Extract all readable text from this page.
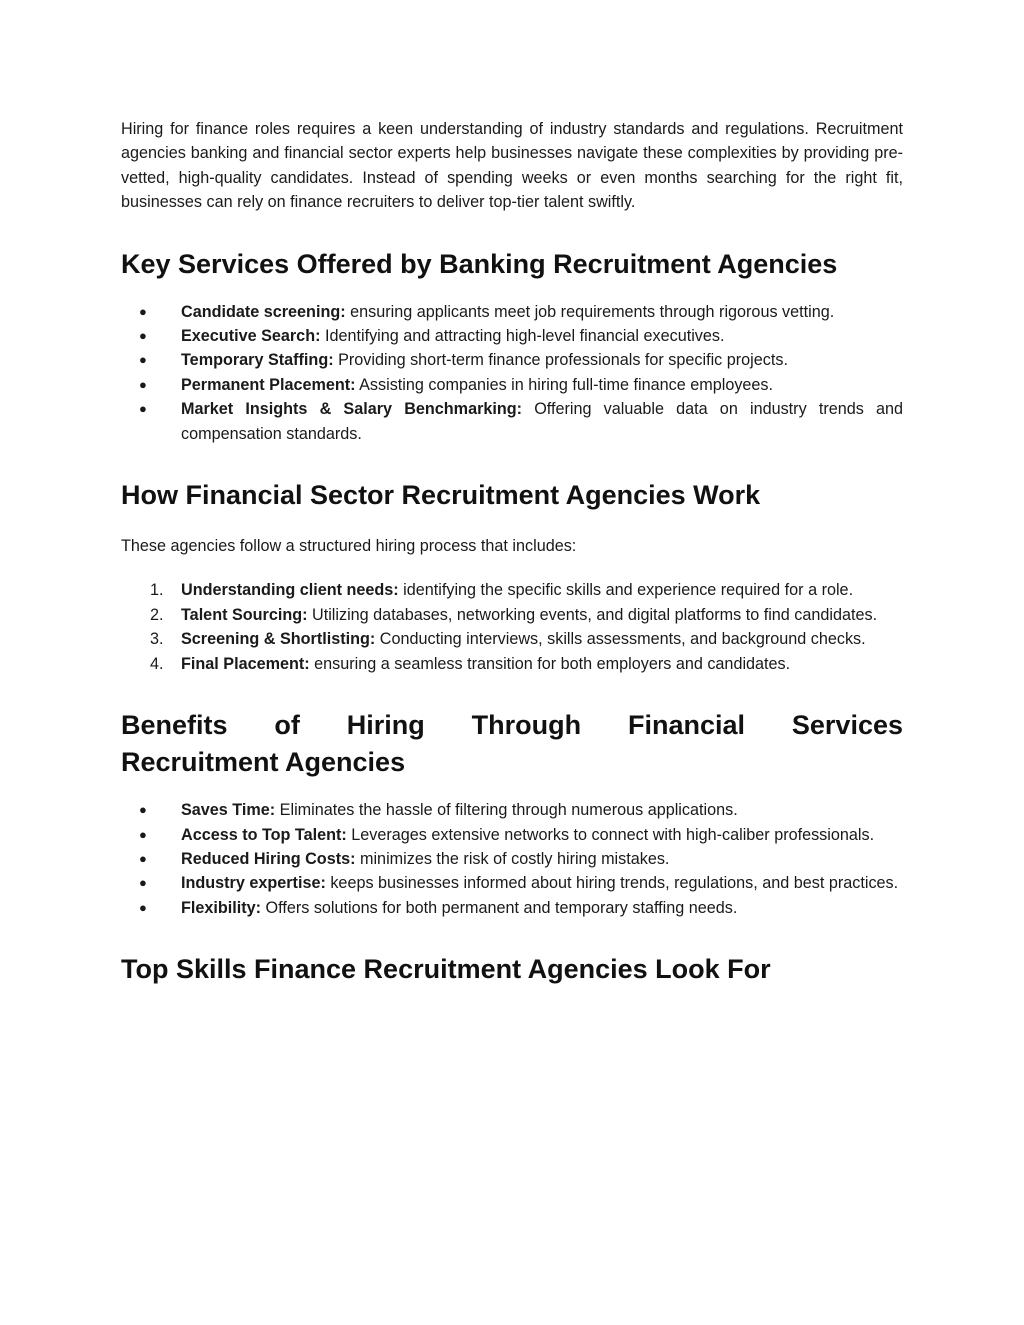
Hiring for finance roles requires a keen understanding of industry standards and regulations. Recruitment agencies banking and financial sector experts help businesses navigate these complexities by providing pre-vetted, high-quality candidates. Instead of spending weeks or even months searching for the right fit, businesses can rely on finance recruiters to deliver top-tier talent swiftly.

Key Services Offered by Banking Recruitment Agencies
●	Candidate screening: ensuring applicants meet job requirements through rigorous vetting.
●	Executive Search: Identifying and attracting high-level financial executives.
●	Temporary Staffing: Providing short-term finance professionals for specific projects.
●	Permanent Placement: Assisting companies in hiring full-time finance employees.
●	Market Insights & Salary Benchmarking: Offering valuable data on industry trends and compensation standards.
How Financial Sector Recruitment Agencies Work

These agencies follow a structured hiring process that includes:

1.	Understanding client needs: identifying the specific skills and experience required for a role.
2.	Talent Sourcing: Utilizing databases, networking events, and digital platforms to find candidates.
3.	Screening & Shortlisting: Conducting interviews, skills assessments, and background checks.
4.	Final Placement: ensuring a seamless transition for both employers and candidates.
Benefits of Hiring Through Financial Services
Recruitment Agencies
●	Saves Time: Eliminates the hassle of filtering through numerous applications.
●	Access to Top Talent: Leverages extensive networks to connect with high-caliber professionals.
●	Reduced Hiring Costs: minimizes the risk of costly hiring mistakes.
●	Industry expertise: keeps businesses informed about hiring trends, regulations, and best practices.
●	Flexibility: Offers solutions for both permanent and temporary staffing needs.
Top Skills Finance Recruitment Agencies Look For
